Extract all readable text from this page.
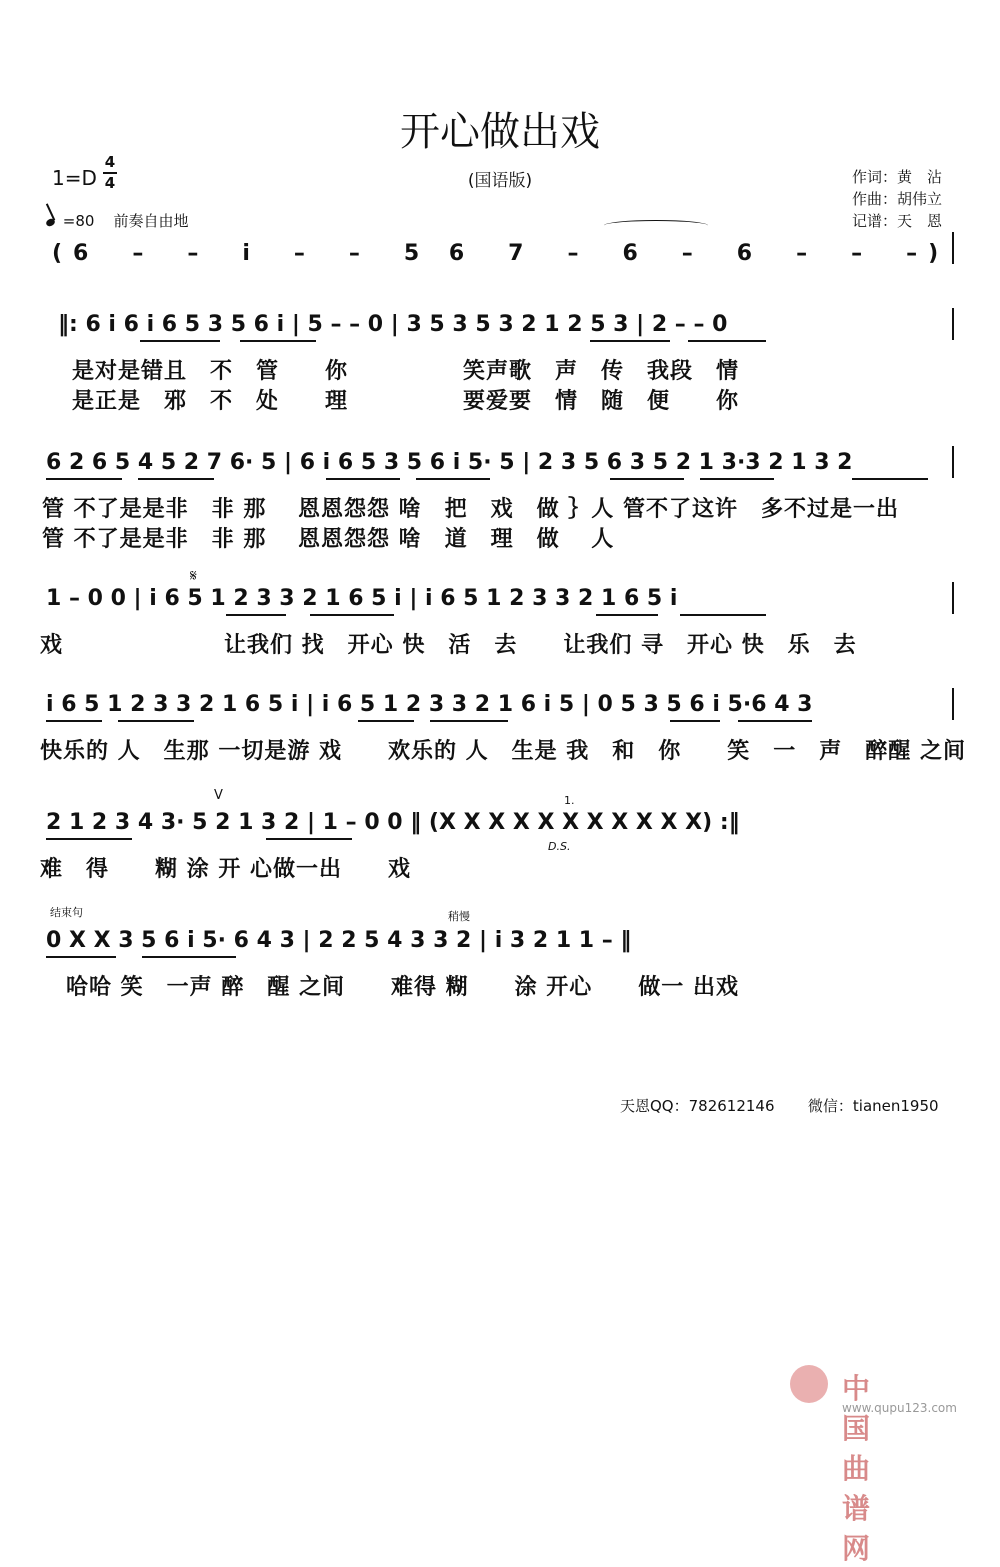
开心做出戏
(国语版)
1=D
4
4
=80 前奏自由地
作词：黄　沾
作曲：胡伟立
记谱：天　恩
(6　–　–　i　–　–　5 6　7　–　6　–　6　–　–　–)
‖: 6 i 6 i 6 5 3 5 6 i | 5 – – 0 | 3 5 3 5 3 2 1 2 5 3 | 2 – – 0
是对是错且　不　管　　你　　　　　笑声歌　声　传　我段　情
是正是　邪　不　处　　理　　　　　要爱要　情　随　便　　你
6 2 6 5 4 5 2 7 6· 5 | 6 i 6 5 3 5 6 i 5· 5 | 2 3 5 6 3 5 2 1 3·3 2 1 3 2
管 不了是是非　非 那　 恩恩怨怨 啥　把　戏　做 ｝人 管不了这许　多不过是一出
管 不了是是非　非 那　 恩恩怨怨 啥　道　理　做　 人
𝄋
1 – 0 0 | i 6 5 1 2 3 3 2 1 6 5 i | i 6 5 1 2 3 3 2 1 6 5 i
戏　　　　　　　让我们 找　开心 快　活　去　　让我们 寻　开心 快　乐　去
i 6 5 1 2 3 3 2 1 6 5 i | i 6 5 1 2 3 3 2 1 6 i 5 | 0 5 3 5 6 i 5·6 4 3
快乐的 人　生那 一切是游 戏　　欢乐的 人　生是 我　和　你　　笑　一　声　醉醒 之间
V	1.
D.S.
2 1 2 3 4 3· 5 2 1 3 2 | 1 – 0 0 ‖ (X X X X X X X X X X X) :‖
难　得　　糊 涂 开 心做一出　　戏
结束句	稍慢
0 X X 3 5 6 i 5· 6 4 3 | 2 2 5 4 3 3 2 | i 3 2 1 1 – ‖
哈哈 笑　一声 醉　醒 之间　　难得 糊　　涂 开心　　做一 出戏
天恩QQ：782612146 微信：tianen1950
中国曲谱网
www.qupu123.com
